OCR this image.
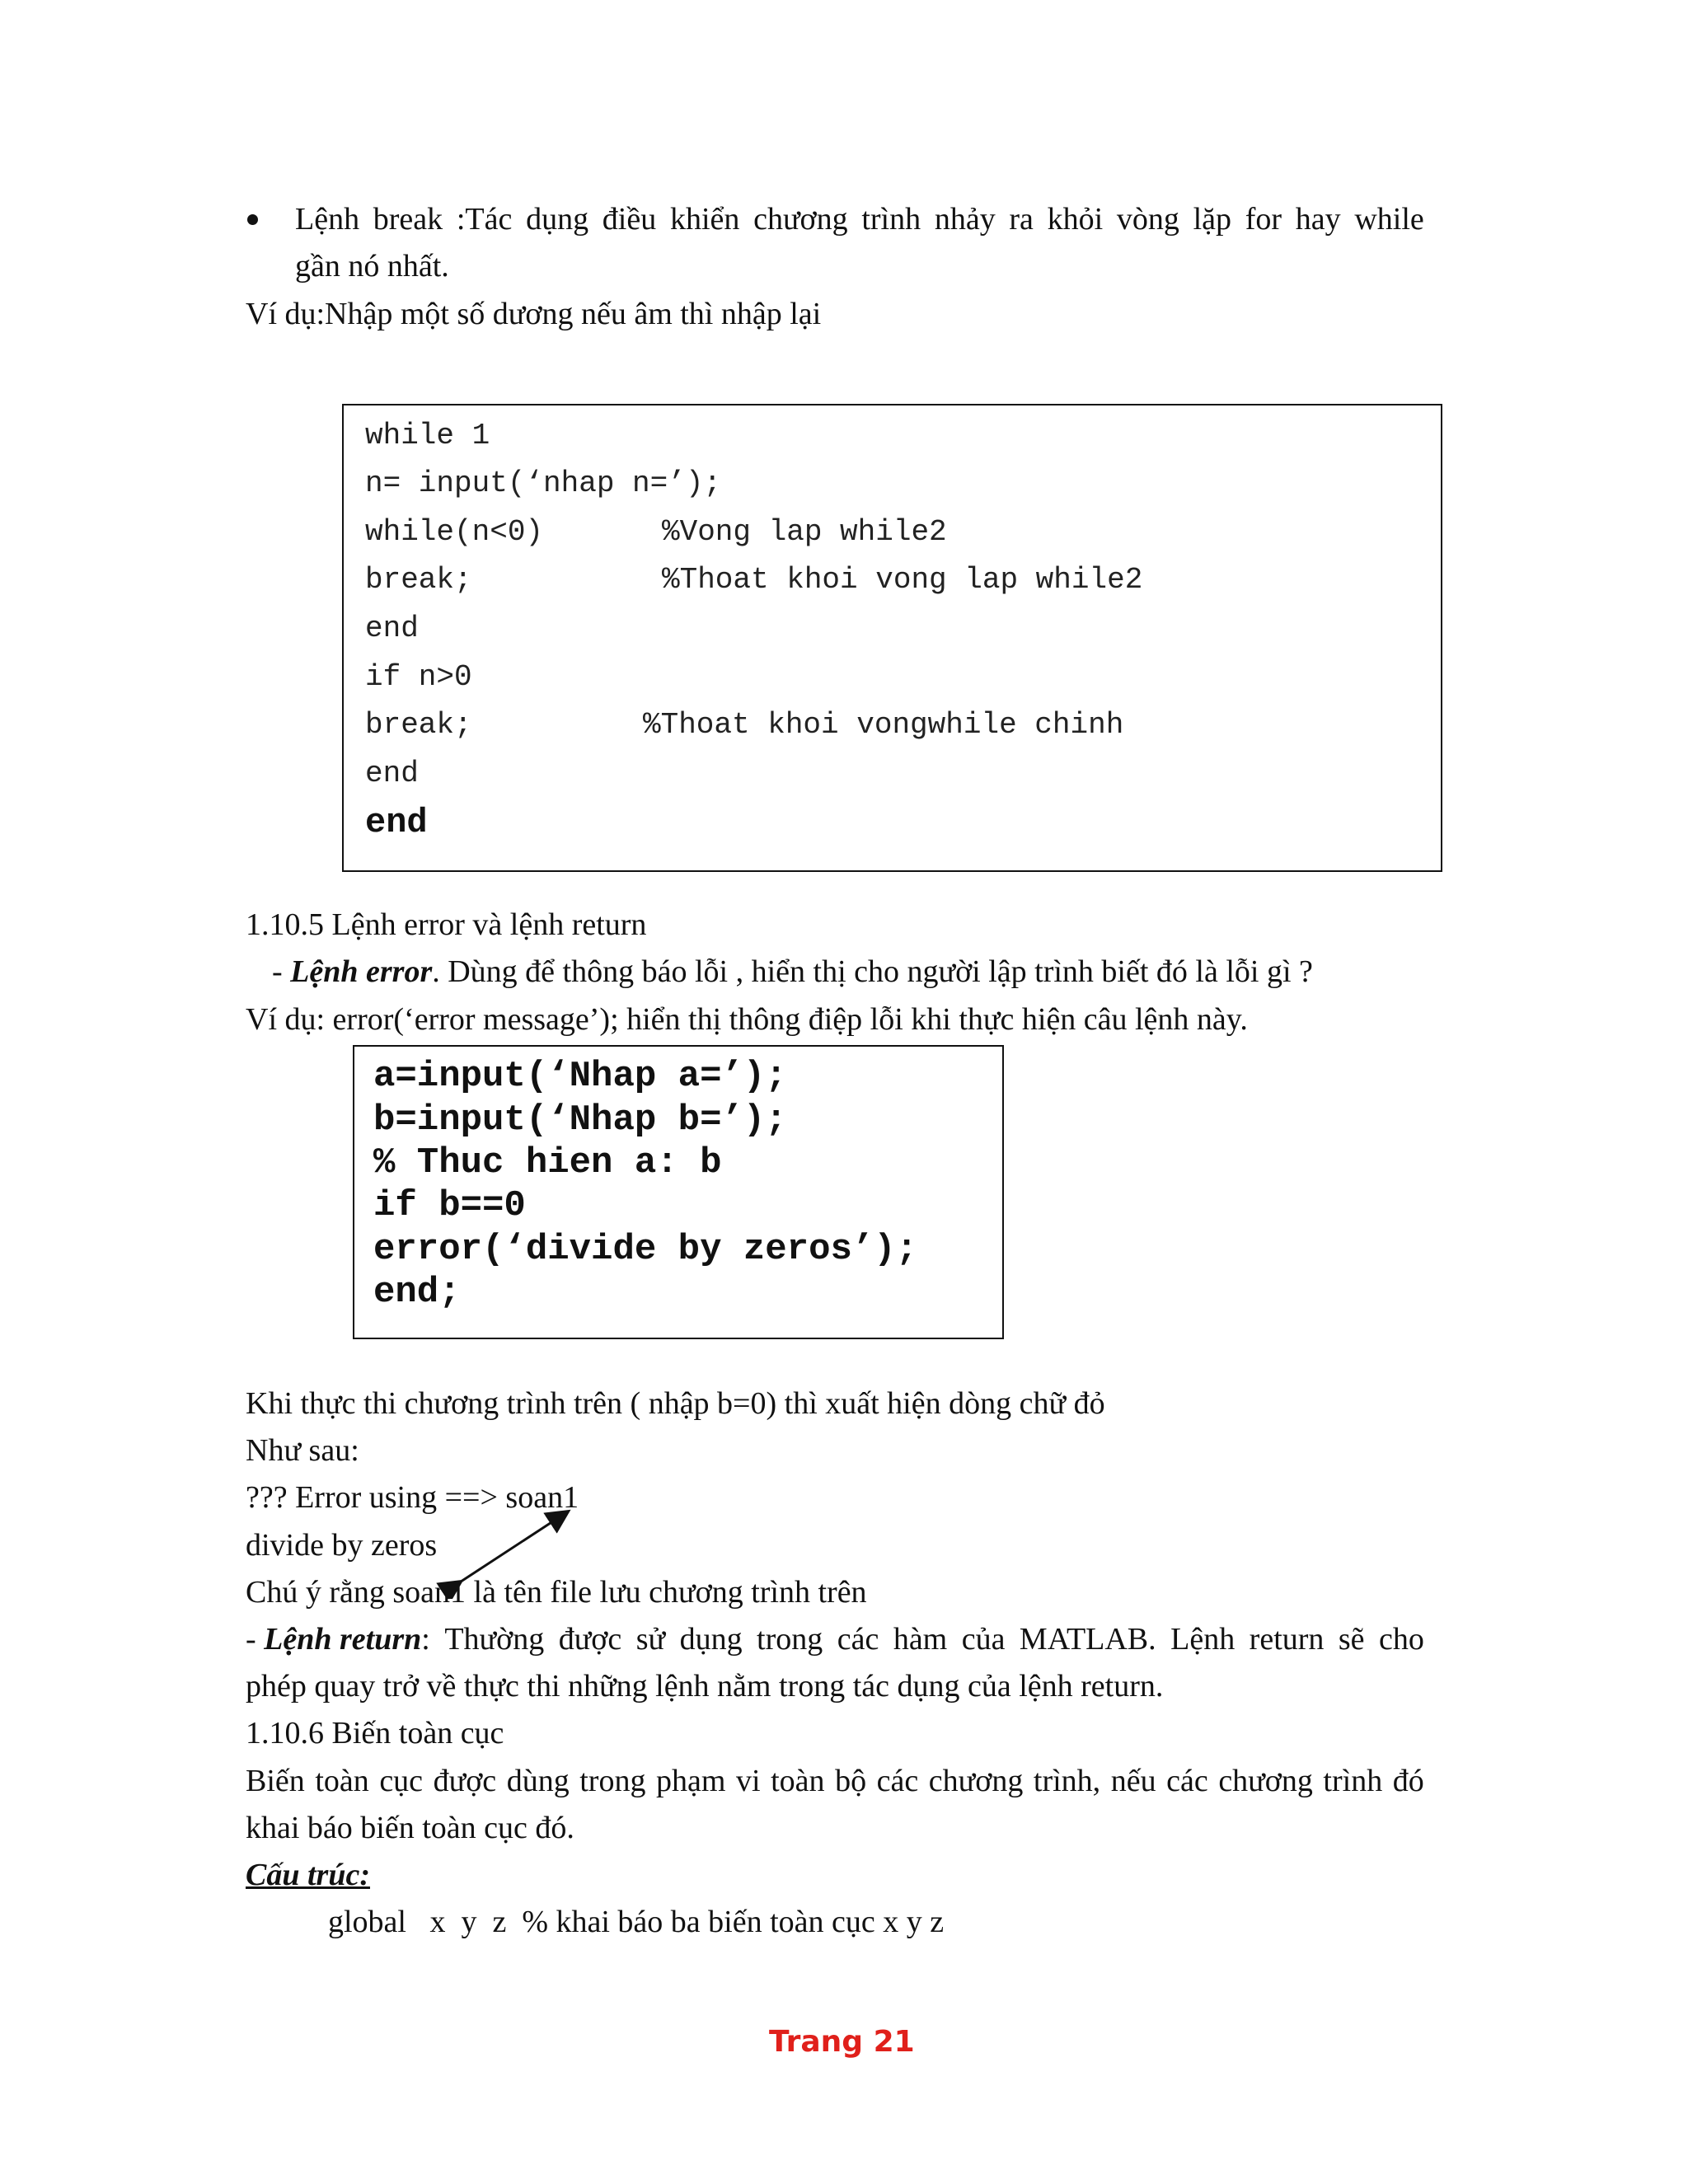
Lệnh break :Tác dụng điều khiển chương trình nhảy ra khỏi vòng lặp for hay while
gần nó nhất.
Ví dụ:Nhập một số dương nếu âm thì nhập lại
while 1
n= input(‘nhap n=’);
while(n<0)	%Vong lap while2
break;	%Thoat khoi vong lap while2
end
if n>0
break;	%Thoat khoi vongwhile chinh
end
end
1.10.5 Lệnh error và lệnh return
- Lệnh error. Dùng để thông báo lỗi , hiển thị cho người lập trình biết đó là lỗi gì ?
Ví dụ: error(‘error message’); hiển thị thông điệp lỗi khi thực hiện câu lệnh này.
a=input(‘Nhap a=’);
b=input(‘Nhap b=’);
% Thuc hien a: b
if b==0
error(‘divide by zeros’);
end;
Khi thực thi chương trình trên ( nhập b=0) thì xuất hiện dòng chữ đỏ
Như sau:
??? Error using ==> soan1
divide by zeros
Chú ý rằng soan1 là tên file lưu chương trình trên
- Lệnh return: Thường được sử dụng trong các hàm của MATLAB. Lệnh return sẽ cho
phép quay trở về thực thi những lệnh nằm trong tác dụng của lệnh return.
1.10.6 Biến toàn cục
Biến toàn cục được dùng trong phạm vi toàn bộ các chương trình, nếu các chương trình đó
khai báo biến toàn cục đó.
Cấu trúc:
global   x  y  z  % khai báo ba biến toàn cục x y z
Trang 21
